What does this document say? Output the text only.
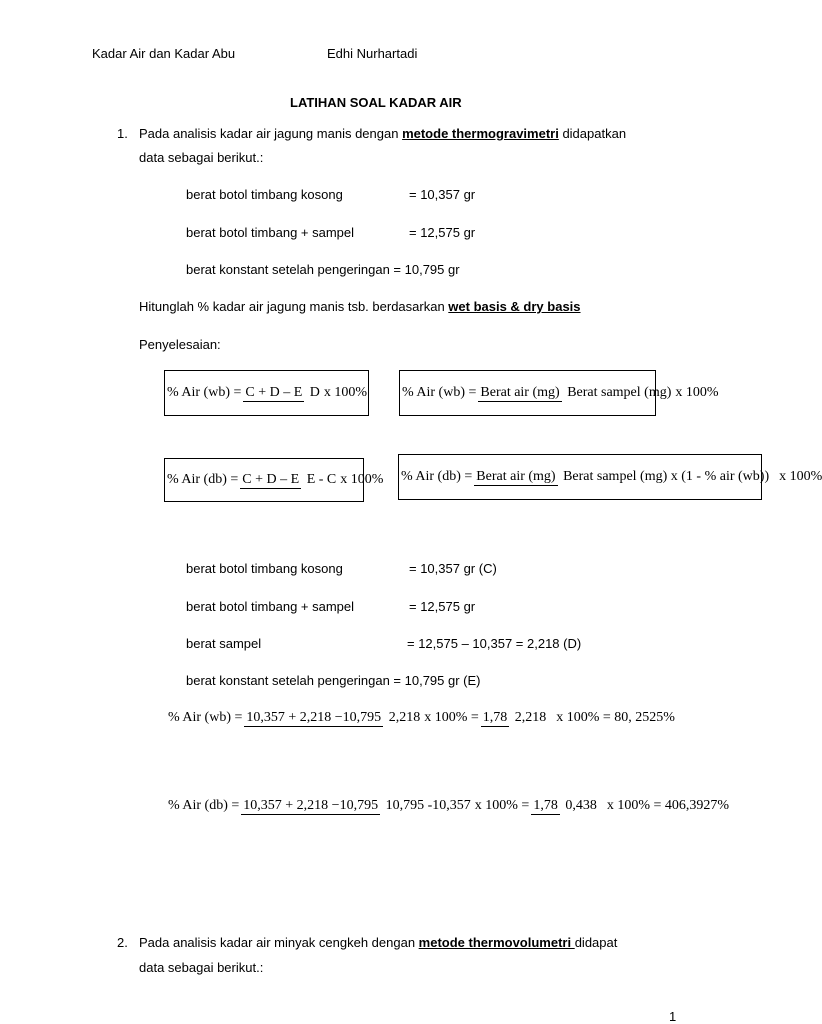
Kadar Air dan Kadar Abu	Edhi Nurhartadi
LATIHAN SOAL KADAR AIR
1. Pada analisis kadar air jagung manis dengan metode thermogravimetri didapatkan
data sebagai berikut.:
berat botol timbang kosong	= 10,357 gr
berat botol timbang + sampel	= 12,575 gr
berat konstant setelah pengeringan = 10,795 gr
Hitunglah % kadar air jagung manis tsb. berdasarkan wet basis & dry basis
Penyelesaian:
% Air (wb) = C + D – E D x 100% % Air (wb) = Berat air (mg) Berat sampel (mg) x 100%
% Air (db) = C + D – E E - C x 100% % Air (db) = Berat air (mg) Berat sampel (mg) x (1 - % air (wb)) x 100%
berat botol timbang kosong	= 10,357 gr (C)
berat botol timbang + sampel	= 12,575 gr
berat sampel	= 12,575 – 10,357 = 2,218 (D)
berat konstant setelah pengeringan = 10,795 gr (E)
% Air (wb) = 10,357 + 2,218 −10,795 2,218 x 100% = 1,78 2,218 x 100% = 80, 2525%
% Air (db) = 10,357 + 2,218 −10,795 10,795 -10,357 x 100% = 1,78 0,438 x 100% = 406,3927%
2. Pada analisis kadar air minyak cengkeh dengan metode thermovolumetri didapat
data sebagai berikut.:
1
